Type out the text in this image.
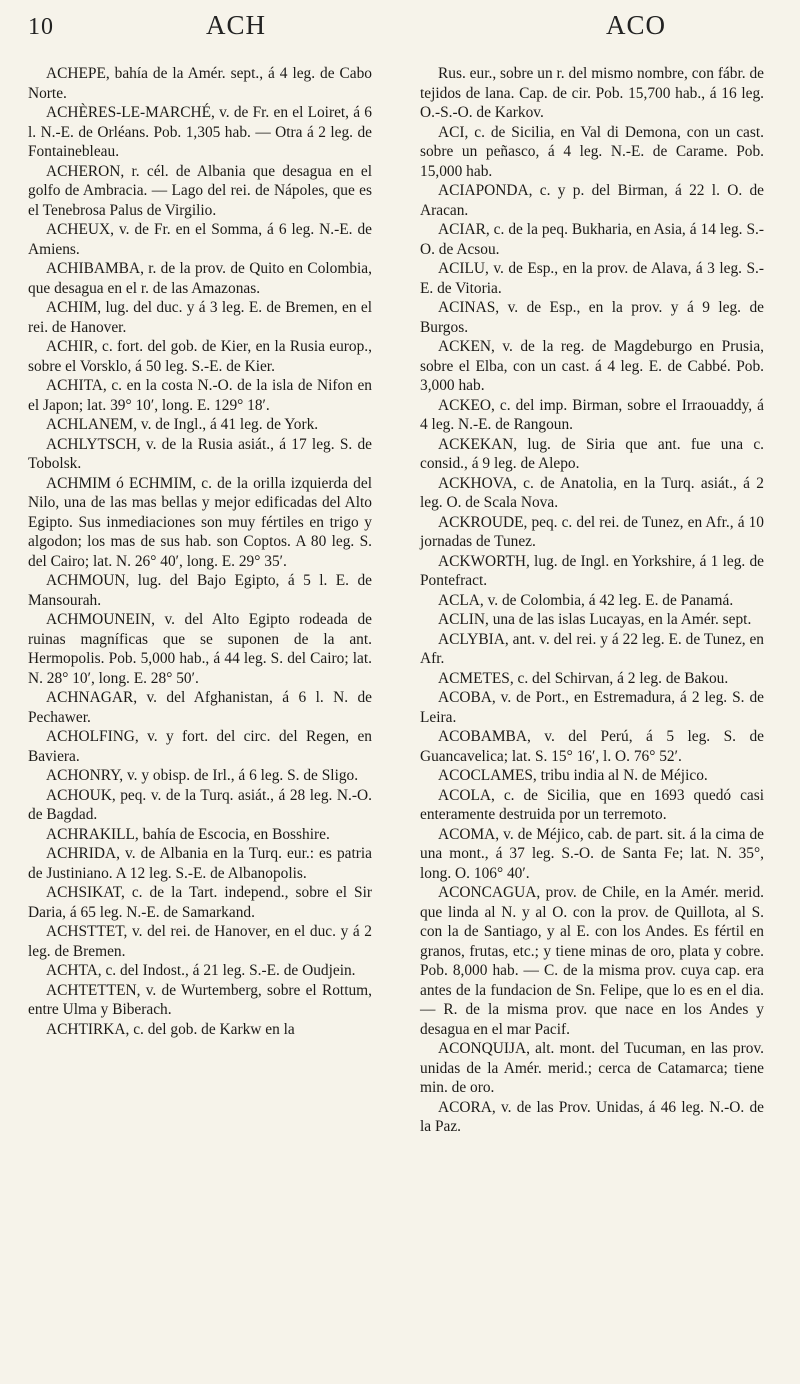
10	ACH	ACO

ACHEPE, bahía de la Amér. sept., á 4 leg. de Cabo Norte.

ACHÈRES-LE-MARCHÉ, v. de Fr. en el Loiret, á 6 l. N.-E. de Orléans. Pob. 1,305 hab. — Otra á 2 leg. de Fontainebleau.

ACHERON, r. cél. de Albania que desagua en el golfo de Ambracia. — Lago del rei. de Nápoles, que es el Tenebrosa Palus de Virgilio.

ACHEUX, v. de Fr. en el Somma, á 6 leg. N.-E. de Amiens.

ACHIBAMBA, r. de la prov. de Quito en Colombia, que desagua en el r. de las Amazonas.

ACHIM, lug. del duc. y á 3 leg. E. de Bremen, en el rei. de Hanover.

ACHIR, c. fort. del gob. de Kier, en la Rusia europ., sobre el Vorsklo, á 50 leg. S.-E. de Kier.

ACHITA, c. en la costa N.-O. de la isla de Nifon en el Japon; lat. 39° 10′, long. E. 129° 18′.

ACHLANEM, v. de Ingl., á 41 leg. de York.

ACHLYTSCH, v. de la Rusia asiát., á 17 leg. S. de Tobolsk.

ACHMIM ó ECHMIM, c. de la orilla izquierda del Nilo, una de las mas bellas y mejor edificadas del Alto Egipto. Sus inmediaciones son muy fértiles en trigo y algodon; los mas de sus hab. son Coptos. A 80 leg. S. del Cairo; lat. N. 26° 40′, long. E. 29° 35′.

ACHMOUN, lug. del Bajo Egipto, á 5 l. E. de Mansourah.

ACHMOUNEIN, v. del Alto Egipto rodeada de ruinas magníficas que se suponen de la ant. Hermopolis. Pob. 5,000 hab., á 44 leg. S. del Cairo; lat. N. 28° 10′, long. E. 28° 50′.

ACHNAGAR, v. del Afghanistan, á 6 l. N. de Pechawer.

ACHOLFING, v. y fort. del circ. del Regen, en Baviera.

ACHONRY, v. y obisp. de Irl., á 6 leg. S. de Sligo.

ACHOUK, peq. v. de la Turq. asiát., á 28 leg. N.-O. de Bagdad.

ACHRAKILL, bahía de Escocia, en Bosshire.

ACHRIDA, v. de Albania en la Turq. eur.: es patria de Justiniano. A 12 leg. S.-E. de Albanopolis.

ACHSIKAT, c. de la Tart. independ., sobre el Sir Daria, á 65 leg. N.-E. de Samarkand.

ACHSTTET, v. del rei. de Hanover, en el duc. y á 2 leg. de Bremen.

ACHTA, c. del Indost., á 21 leg. S.-E. de Oudjein.

ACHTETTEN, v. de Wurtemberg, sobre el Rottum, entre Ulma y Biberach.

ACHTIRKA, c. del gob. de Karkw en la

Rus. eur., sobre un r. del mismo nombre, con fábr. de tejidos de lana. Cap. de cir. Pob. 15,700 hab., á 16 leg. O.-S.-O. de Karkov.

ACI, c. de Sicilia, en Val di Demona, con un cast. sobre un peñasco, á 4 leg. N.-E. de Carame. Pob. 15,000 hab.

ACIAPONDA, c. y p. del Birman, á 22 l. O. de Aracan.

ACIAR, c. de la peq. Bukharia, en Asia, á 14 leg. S.-O. de Acsou.

ACILU, v. de Esp., en la prov. de Alava, á 3 leg. S.-E. de Vitoria.

ACINAS, v. de Esp., en la prov. y á 9 leg. de Burgos.

ACKEN, v. de la reg. de Magdeburgo en Prusia, sobre el Elba, con un cast. á 4 leg. E. de Cabbé. Pob. 3,000 hab.

ACKEO, c. del imp. Birman, sobre el Irraouaddy, á 4 leg. N.-E. de Rangoun.

ACKEKAN, lug. de Siria que ant. fue una c. consid., á 9 leg. de Alepo.

ACKHOVA, c. de Anatolia, en la Turq. asiát., á 2 leg. O. de Scala Nova.

ACKROUDE, peq. c. del rei. de Tunez, en Afr., á 10 jornadas de Tunez.

ACKWORTH, lug. de Ingl. en Yorkshire, á 1 leg. de Pontefract.

ACLA, v. de Colombia, á 42 leg. E. de Panamá.

ACLIN, una de las islas Lucayas, en la Amér. sept.

ACLYBIA, ant. v. del rei. y á 22 leg. E. de Tunez, en Afr.

ACMETES, c. del Schirvan, á 2 leg. de Bakou.

ACOBA, v. de Port., en Estremadura, á 2 leg. S. de Leira.

ACOBAMBA, v. del Perú, á 5 leg. S. de Guancavelica; lat. S. 15° 16′, l. O. 76° 52′.

ACOCLAMES, tribu india al N. de Méjico.

ACOLA, c. de Sicilia, que en 1693 quedó casi enteramente destruida por un terremoto.

ACOMA, v. de Méjico, cab. de part. sit. á la cima de una mont., á 37 leg. S.-O. de Santa Fe; lat. N. 35°, long. O. 106° 40′.

ACONCAGUA, prov. de Chile, en la Amér. merid. que linda al N. y al O. con la prov. de Quillota, al S. con la de Santiago, y al E. con los Andes. Es fértil en granos, frutas, etc.; y tiene minas de oro, plata y cobre. Pob. 8,000 hab. — C. de la misma prov. cuya cap. era antes de la fundacion de Sn. Felipe, que lo es en el dia. — R. de la misma prov. que nace en los Andes y desagua en el mar Pacif.

ACONQUIJA, alt. mont. del Tucuman, en las prov. unidas de la Amér. merid.; cerca de Catamarca; tiene min. de oro.

ACORA, v. de las Prov. Unidas, á 46 leg. N.-O. de la Paz.
